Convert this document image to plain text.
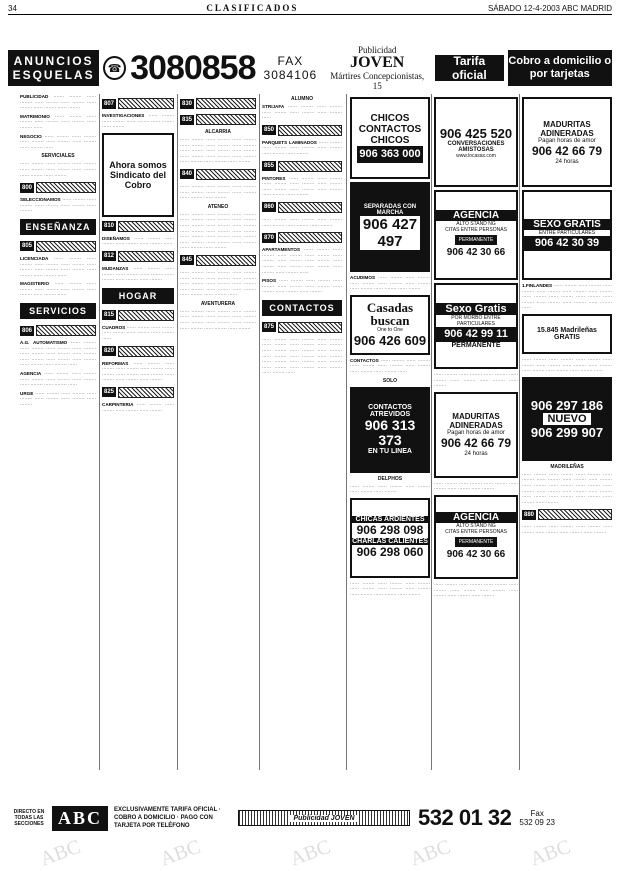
34	CLASIFICADOS	SÁBADO 12-4-2003 ABC MADRID
ANUNCIOS
ESQUELAS	☎ 3080858	FAX
3084106
Publicidad
JOVEN
Mártires Concepcionistas, 15
Tarifa oficial
Cobro a domicilio o por tarjetas
PUBLICIDAD ······· ········ ······ ········ ······ ········ ······ ········ ······ ········ ······ ········ ······ ········
MATRIMONIO ······ ········ ······ ········ ······ ········ ······ ········ ······ ········ ······
NEGOCIO ······ ········ ······ ········ ······ ········ ······ ········ ······ ········ ······ ········ ······
SERVICIALES
······ ········ ······ ········ ······ ········ ······ ········ ······ ········ ······ ········ ······ ········ ······ ········
800
SELECCIONAMOS ······ ········ ······ ········ ······ ········ ······ ········ ······ ········
ENSEÑANZA
805
LICENCIADA ······ ········ ······ ········ ······ ········ ······ ········ ······ ········ ······ ········ ······ ········ ······ ········ ······ ········ ······
MAGISTERIO ······ ········ ······ ········ ······ ········ ······ ········ ······ ········ ······ ········ ······
SERVICIOS
806
A.G. AUTOMATISMO ······ ········ ······ ········ ······ ········ ······ ········ ······ ········ ······ ········ ······ ········ ······ ········ ······ ········ ······ ········ ······ ········ ······ ········ ······
AGENCIA ······ ········ ······ ········ ······ ········ ······ ········ ······ ········ ······ ········ ······ ········ ······
URGE ······ ········ ······ ········ ······ ········ ······ ········ ······ ········ ······ ········
807
INVESTIGACIONES ······ ········ ······ ········ ······ ········ ······ ········ ······ ········
Ahora somos Sindicato del Cobro
810
DISEÑAMOS ······ ········ ······ ········ ······ ········ ······ ········ ······
812
MUDANZAS ······ ········ ······ ········ ······ ········ ······ ········ ······ ········ ······ ········ ······ ········
HOGAR
815
CUADROS ······ ········ ······ ········ ······ ········ ······ ········ ······ ········ ······
820
REFORMAS ······ ········ ······ ········ ······ ········ ······ ········ ······ ········ ······ ········ ······ ········ ······ ········ ······ ········ ······ ········
825
CARPINTERIA ······ ········ ······ ········ ······ ········ ······ ········
830
835
ALCARRIA
······ ········ ······ ········ ······ ········ ······ ········ ······ ········ ······ ········ ······ ········ ······ ········ ······ ········ ······ ········ ······ ········ ······ ········ ······ ········ ······ ········ ······ ········
840
······ ········ ······ ········ ······ ········ ······ ········ ······ ········ ······ ········ ······ ········ ······ ········
ATENEO
······ ········ ······ ········ ······ ········ ······ ········ ······ ········ ······ ········ ······ ········ ······ ········ ······ ········ ······ ········ ······ ········ ······ ········ ······ ········ ······ ········ ······ ········ ······ ········ ······ ········ ······ ········ ······ ········ ······ ········
845
······ ········ ······ ········ ······ ········ ······ ········ ······ ········ ······ ········ ······ ········ ······ ········ ······ ········ ······ ········ ······ ········ ······ ········ ······ ········ ······ ········ ······
AVENTURERA
······ ········ ······ ········ ······ ········ ······ ········ ······ ········ ······ ········ ······ ········ ······ ········ ······ ········ ······ ········ ······ ········ ······ ········
ALUMNO
STRIJAFA ······ ········ ······ ········ ······ ········ ······ ········ ······ ········ ······
850
PARQUETS LAMINADOS ······ ········ ······ ········ ······ ········ ······ ········ ······ ········ ······ ········
855
PINTORES ······ ········ ······ ········ ······ ········ ······ ········ ······ ········ ······ ········ ······ ········ ······ ········ ······ ········ ······ ········
860
······ ········ ······ ········ ······ ········ ······ ········ ······ ········ ······ ········
870
APARTAMENTOS ······ ········ ······ ········ ······ ········ ······ ········ ······ ········ ······ ········ ······ ········ ······ ········ ······ ········ ······ ········ ······ ········ ······ ········ ······
PISOS ······ ········ ······ ········ ······ ········ ······ ········ ······ ········ ······ ········ ······ ········ ······ ········
CONTACTOS
875
······ ········ ······ ········ ······ ········ ······ ········ ······ ········ ······ ········ ······ ········ ······ ········ ······ ········ ······ ········ ······ ········ ······ ········ ······ ········ ······ ········ ······ ········ ······ ········ ······ ········ ······ ········ ······ ········ ······
CHICOS CONTACTOS CHICOS
906 363 000
SEPARADAS CON MARCHA
906 427 497
ACUDIMOS ······ ········ ······ ········ ······ ········ ······ ········ ······ ········ ······ ········ ······ ········ ······ ········
Casadas buscan
One to One
906 426 609
CONTACTOS ······ ········ ······ ········ ······ ········ ······ ········ ······ ········ ······ ········ ······ ········ ······
SOLO
CONTACTOS ATREVIDOS
906 313 373
EN TU LINEA
DELPHOS
······ ········ ······ ········ ······ ········ ······ ········ ······ ········
CHICAS ARDIENTES
906 298 098
CHARLAS CALIENTES
906 298 060
······ ········ ······ ········ ······ ········ ······ ········ ······ ········ ······ ········ ······ ········ ······ ········ ······ ········
906 425 520
CONVERSACIONES AMISTOSAS
www.locasax.com
AGENCIA
ALTO STAND NG
CITAS ENTRE PERSONAS
PERMANENTE
906 42 30 66
Sexo Gratis
POR MORBO ENTRE PARTICULARES
906 42 99 11
PERMANENTE
······ ········ ······ ········ ······ ········ ······ ········ ······ ········ ······ ········ ······ ········
MADURITAS ADINERADAS
Pagan horas de amor
906 42 66 79
24 horas
······ ········ ······ ········ ······ ········ ······ ········ ······ ········ ······ ········
AGENCIA
ALTO STAND NG
CITAS ENTRE PERSONAS
PERMANENTE
906 42 30 66
······ ········ ······ ········ ······ ········ ······ ········ ······ ········ ······ ········ ······ ········ ······ ········ ······ ········
MADURITAS ADINERADAS
Pagan horas de amor
906 42 66 79
24 horas
SEXO GRATIS
ENTRE PARTICULARES
906 42 30 39
1.FINLANDES ······ ········ ······ ········ ······ ········ ······ ········ ······ ········ ······ ········ ······ ········ ······ ········ ······ ········ ······ ········ ······ ········ ······ ········ ······ ········ ······
15.845 Madrileñas GRATIS
······ ········ ······ ········ ······ ········ ······ ········ ······ ········ ······ ········ ······ ········ ······ ········ ······ ········ ······ ········ ······
906 297 186
NUEVO
906 299 907
MADRILEÑAS
······ ········ ······ ········ ······ ········ ······ ········ ······ ········ ······ ········ ······ ········ ······ ········ ······ ········ ······ ········ ······ ········ ······ ········ ······ ········ ······ ········ ······ ········ ······ ········ ······ ········ ······ ········ ······ ········
880
······ ········ ······ ········ ······ ········ ······ ········ ······ ········ ······ ········ ······ ········
DIRECTO EN TODAS LAS SECCIONES ABC	EXCLUSIVAMENTE TARIFA OFICIAL · COBRO A DOMICILIO · PAGO CON TARJETA POR TELÉFONO
Publicidad JOVEN	532 01 32	Fax
532 09 23
ABC	ABC	ABC	ABC	ABC
